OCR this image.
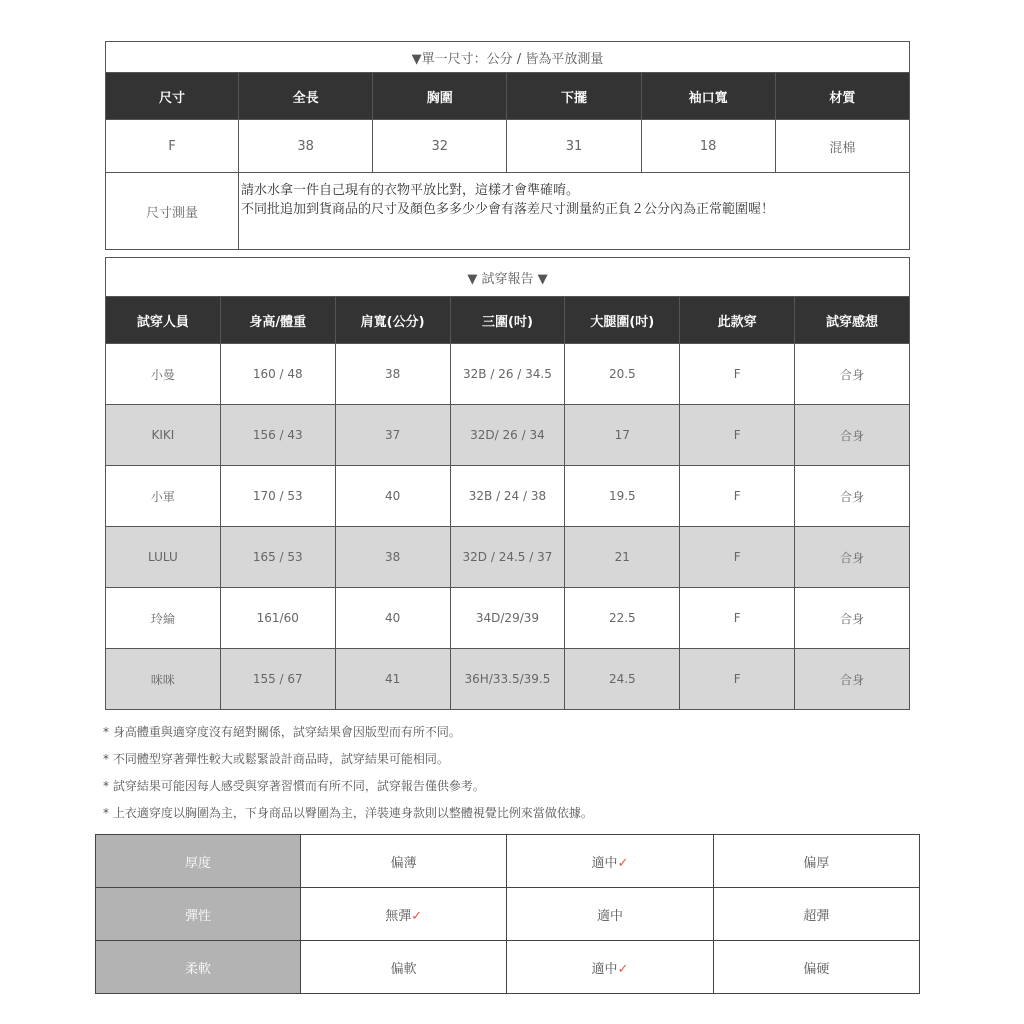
▼單一尺寸：公分 / 皆為平放測量					
尺寸	全長	胸圍	下擺	袖口寬	材質
F	38	32	31	18	混棉
尺寸測量	請水水拿一件自己現有的衣物平放比對，這樣才會準確唷。
不同批追加到貨商品的尺寸及顏色多多少少會有落差尺寸測量約正負２公分內為正常範圍喔！				
▼ 試穿報告 ▼						
試穿人員	身高/體重	肩寬(公分)	三圍(吋)	大腿圍(吋)	此款穿	試穿感想
小曼	160 / 48	38	32B / 26 / 34.5	20.5	F	合身
KIKI	156 / 43	37	32D/ 26 / 34	17	F	合身
小軍	170 / 53	40	32B / 24 / 38	19.5	F	合身
LULU	165 / 53	38	32D / 24.5 / 37	21	F	合身
玲綸	161/60	40	34D/29/39	22.5	F	合身
咪咪	155 / 67	41	36H/33.5/39.5	24.5	F	合身
* 身高體重與適穿度沒有絕對關係，試穿結果會因版型而有所不同。
* 不同體型穿著彈性較大或鬆緊設計商品時，試穿結果可能相同。
* 試穿結果可能因每人感受與穿著習慣而有所不同，試穿報告僅供參考。
* 上衣適穿度以胸圍為主，下身商品以臀圍為主，洋裝連身款則以整體視覺比例來當做依據。
厚度	偏薄	適中✓	偏厚
彈性	無彈✓	適中	超彈
柔軟	偏軟	適中✓	偏硬
